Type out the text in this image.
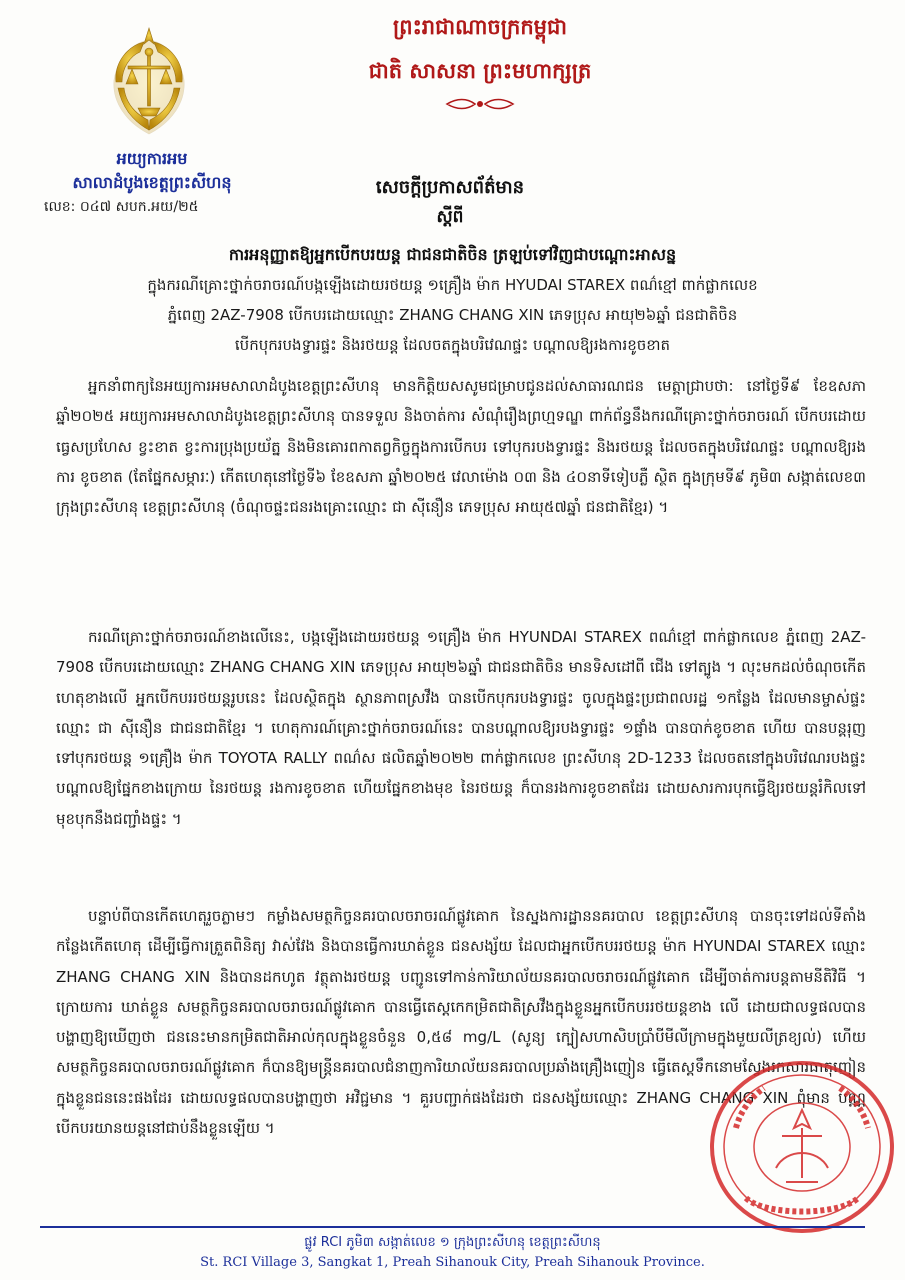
ព្រះរាជាណាចក្រកម្ពុជា
ជាតិ សាសនា ព្រះមហាក្សត្រ
អយ្យការអម
សាលាដំបូងខេត្តព្រះសីហនុ
លេខ: ០៤៧ សបក.អយ/២៥
សេចក្ដីប្រកាសព័ត៌មាន
ស្ដីពី
ការអនុញ្ញាតឱ្យអ្នកបើកបរយន្ត ជាជនជាតិចិន ត្រឡប់ទៅវិញជាបណ្ដោះអាសន្ន
ក្នុងករណីគ្រោះថ្នាក់ចរាចរណ៍បង្កឡើងដោយរថយន្ត ១គ្រឿង ម៉ាក HYUDAI STAREX ពណ៌ខ្មៅ ពាក់ផ្លាកលេខ
ភ្នំពេញ 2AZ-7908 បើកបរដោយឈ្មោះ ZHANG CHANG XIN ភេទប្រុស អាយុ២៦ឆ្នាំ ជនជាតិចិន
បើកបុករបងទ្វារផ្ទះ និងរថយន្ត ដែលចតក្នុងបរិវេណផ្ទះ បណ្ដាលឱ្យរងការខូចខាត
អ្នកនាំពាក្យនៃអយ្យការអមសាលាដំបូងខេត្តព្រះសីហនុ មានកិត្តិយសសូមជម្រាបជូនដល់សាធារណជន មេត្តាជ្រាបថា: នៅថ្ងៃទី៩ ខែឧសភា ឆ្នាំ២០២៥ អយ្យការអមសាលាដំបូងខេត្តព្រះសីហនុ បានទទួល និងចាត់ការ សំណុំរឿងព្រហ្មទណ្ឌ ពាក់ព័ន្ធនឹងករណីគ្រោះថ្នាក់ចរាចរណ៍ បើកបរដោយធ្វេសប្រហែស ខ្វះខាត ខ្វះការប្រុងប្រយ័ត្ន និងមិនគោរពកាតព្វកិច្ចក្នុងការបើកបរ ទៅបុករបងទ្វារផ្ទះ និងរថយន្ត ដែលចតក្នុងបរិវេណផ្ទះ បណ្ដាលឱ្យរងការ ខូចខាត (តែផ្នែកសម្ភារៈ) កើតហេតុនៅថ្ងៃទី៦ ខែឧសភា ឆ្នាំ២០២៥ វេលាម៉ោង ០៣ និង ៤០នាទីទៀបភ្លឺ ស្ថិត ក្នុងក្រុមទី៩ ភូមិ៣ សង្កាត់លេខ៣ ក្រុងព្រះសីហនុ ខេត្តព្រះសីហនុ (ចំណុចផ្ទះជនរងគ្រោះឈ្មោះ ជា ស៊ីនឿន ភេទប្រុស អាយុ៥៧ឆ្នាំ ជនជាតិខ្មែរ) ។
ករណីគ្រោះថ្នាក់ចរាចរណ៍ខាងលើនេះ, បង្កឡើងដោយរថយន្ត ១គ្រឿង ម៉ាក HYUNDAI STAREX ពណ៌ខ្មៅ ពាក់ផ្លាកលេខ ភ្នំពេញ 2AZ-7908 បើកបរដោយឈ្មោះ ZHANG CHANG XIN ភេទប្រុស អាយុ២៦ឆ្នាំ ជាជនជាតិចិន មានទិសដៅពី ជើង ទៅត្បូង ។ លុះមកដល់ចំណុចកើតហេតុខាងលើ អ្នកបើកបររថយន្តរូបនេះ ដែលស្ថិតក្នុង ស្ថានភាពស្រវឹង បានបើកបុករបងទ្វារផ្ទះ ចូលក្នុងផ្ទះប្រជាពលរដ្ឋ ១កន្លែង ដែលមានម្ចាស់ផ្ទះឈ្មោះ ជា ស៊ីនឿន ជាជនជាតិខ្មែរ ។ ហេតុការណ៍គ្រោះថ្នាក់ចរាចរណ៍នេះ បានបណ្ដាលឱ្យរបងទ្វារផ្ទះ ១ផ្ទាំង បានបាក់ខូចខាត ហើយ បានបន្តរុញទៅបុករថយន្ត ១គ្រឿង ម៉ាក TOYOTA RALLY ពណ៌ស ផលិតឆ្នាំ២០២២ ពាក់ផ្លាកលេខ ព្រះសីហនុ 2D-1233 ដែលចតនៅក្នុងបរិវេណរបងផ្ទះ បណ្ដាលឱ្យផ្នែកខាងក្រោយ នៃរថយន្ត រងការខូចខាត ហើយផ្នែកខាងមុខ នៃរថយន្ត ក៏បានរងការខូចខាតដែរ ដោយសារការបុកធ្វើឱ្យរថយន្តរំកិលទៅមុខបុកនឹងជញ្ជាំងផ្ទះ ។
បន្ទាប់ពីបានកើតហេតុរួចភ្លាមៗ កម្លាំងសមត្ថកិច្ចនគរបាលចរាចរណ៍ផ្លូវគោក នៃស្នងការដ្ឋាននគរបាល ខេត្តព្រះសីហនុ បានចុះទៅដល់ទីតាំងកន្លែងកើតហេតុ ដើម្បីធ្វើការត្រួតពិនិត្យ វាស់វែង និងបានធ្វើការឃាត់ខ្លួន ជនសង្ស័យ ដែលជាអ្នកបើកបររថយន្ត ម៉ាក HYUNDAI STAREX ឈ្មោះ ZHANG CHANG XIN និងបានដកហូត វត្ថុតាងរថយន្ត បញ្ជូនទៅកាន់ការិយាល័យនគរបាលចរាចរណ៍ផ្លូវគោក ដើម្បីចាត់ការបន្តតាមនីតិវិធី ។ ក្រោយការ ឃាត់ខ្លួន សមត្ថកិច្ចនគរបាលចរាចរណ៍ផ្លូវគោក បានធ្វើតេស្តកេកម្រិតជាតិស្រវឹងក្នុងខ្លួនអ្នកបើកបររថយន្តខាង លើ ដោយជាលទ្ធផលបានបង្ហាញឱ្យឃើញថា ជននេះមានកម្រិតជាតិអាល់កុលក្នុងខ្លួនចំនួន 0,៥៨ mg/L (សូន្យ ក្បៀសហាសិបប្រាំបីមីលីក្រាមក្នុងមួយលីត្រខ្យល់) ហើយសមត្ថកិច្ចនគរបាលចរាចរណ៍ផ្លូវគោក ក៏បានឱ្យមន្ត្រីនគរបាលជំនាញការិយាល័យនគរបាលប្រឆាំងគ្រឿងញៀន ធ្វើតេស្តទឹកនោមស្វែងរកសារធាតុញៀនក្នុងខ្លួនជននេះផងដែរ ដោយលទ្ធផលបានបង្ហាញថា អវិជ្ជមាន ។ គួរបញ្ជាក់ផងដែរថា ជនសង្ស័យឈ្មោះ ZHANG CHANG XIN ពុំមាន បណ្ណបើកបរយានយន្តនៅជាប់នឹងខ្លួនឡើយ ។
ផ្លូវ RCI ភូមិ៣ សង្កាត់លេខ ១ ក្រុងព្រះសីហនុ ខេត្តព្រះសីហនុ
St. RCI Village 3, Sangkat 1, Preah Sihanouk City, Preah Sihanouk Province.
